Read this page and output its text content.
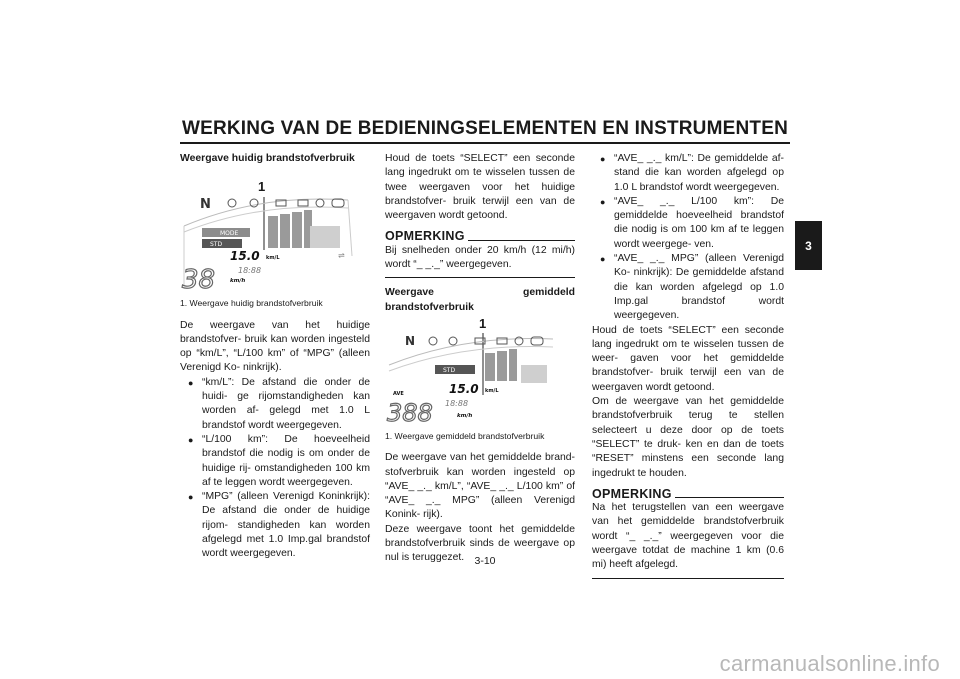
WERKING VAN DE BEDIENINGSELEMENTEN EN INSTRUMENTEN
3

Weergave huidig brandstofverbruik

1
N
MODE
STD
15.0 km/L
18:88
38	km/h
⇌
1. Weergave huidig brandstofverbruik

De weergave van het huidige brandstofver- bruik kan worden ingesteld op “km/L”, “L/100 km” of “MPG” (alleen Verenigd Ko- ninkrijk).

● “km/L”: De afstand die onder de huidi- ge rijomstandigheden kan worden af- gelegd met 1.0 L brandstof wordt weergegeven.
● “L/100 km”: De hoeveelheid brandstof die nodig is om onder de huidige rij- omstandigheden 100 km af te leggen wordt weergegeven.
● “MPG” (alleen Verenigd Koninkrijk): De afstand die onder de huidige rijom- standigheden kan worden afgelegd met 1.0 Imp.gal brandstof wordt weergegeven.

Houd de toets “SELECT” een seconde lang ingedrukt om te wisselen tussen de twee weergaven voor het huidige brandstofver- bruik terwijl een van de weergaven wordt getoond.

OPMERKING

Bij snelheden onder 20 km/h (12 mi/h) wordt “_ _._” weergegeven.

Weergave gemiddeld brandstofverbruik

1
N
STD
AVE	15.0 km/L
18:88
388	km/h
1. Weergave gemiddeld brandstofverbruik

De weergave van het gemiddelde brand- stofverbruik kan worden ingesteld op “AVE_ _._ km/L”, “AVE_ _._ L/100 km” of “AVE_ _._ MPG” (alleen Verenigd Konink- rijk).

Deze weergave toont het gemiddelde brandstofverbruik sinds de weergave op nul is teruggezet.

● “AVE_ _._ km/L”: De gemiddelde af- stand die kan worden afgelegd op 1.0 L brandstof wordt weergegeven.
● “AVE_ _._ L/100 km”: De gemiddelde hoeveelheid brandstof die nodig is om 100 km af te leggen wordt weergege- ven.
● “AVE_ _._ MPG” (alleen Verenigd Ko- ninkrijk): De gemiddelde afstand die kan worden afgelegd op 1.0 Imp.gal brandstof wordt weergegeven.

Houd de toets “SELECT” een seconde lang ingedrukt om te wisselen tussen de weer- gaven voor het gemiddelde brandstofver- bruik terwijl een van de weergaven wordt getoond.

Om de weergave van het gemiddelde brandstofverbruik terug te stellen selecteert u deze door op de toets “SELECT” te druk- ken en dan de toets “RESET” minstens een seconde lang ingedrukt te houden.

OPMERKING

Na het terugstellen van een weergave van het gemiddelde brandstofverbruik wordt “_ _._” weergegeven voor die weergave totdat de machine 1 km (0.6 mi) heeft afgelegd.

3-10
carmanualsonline.info
